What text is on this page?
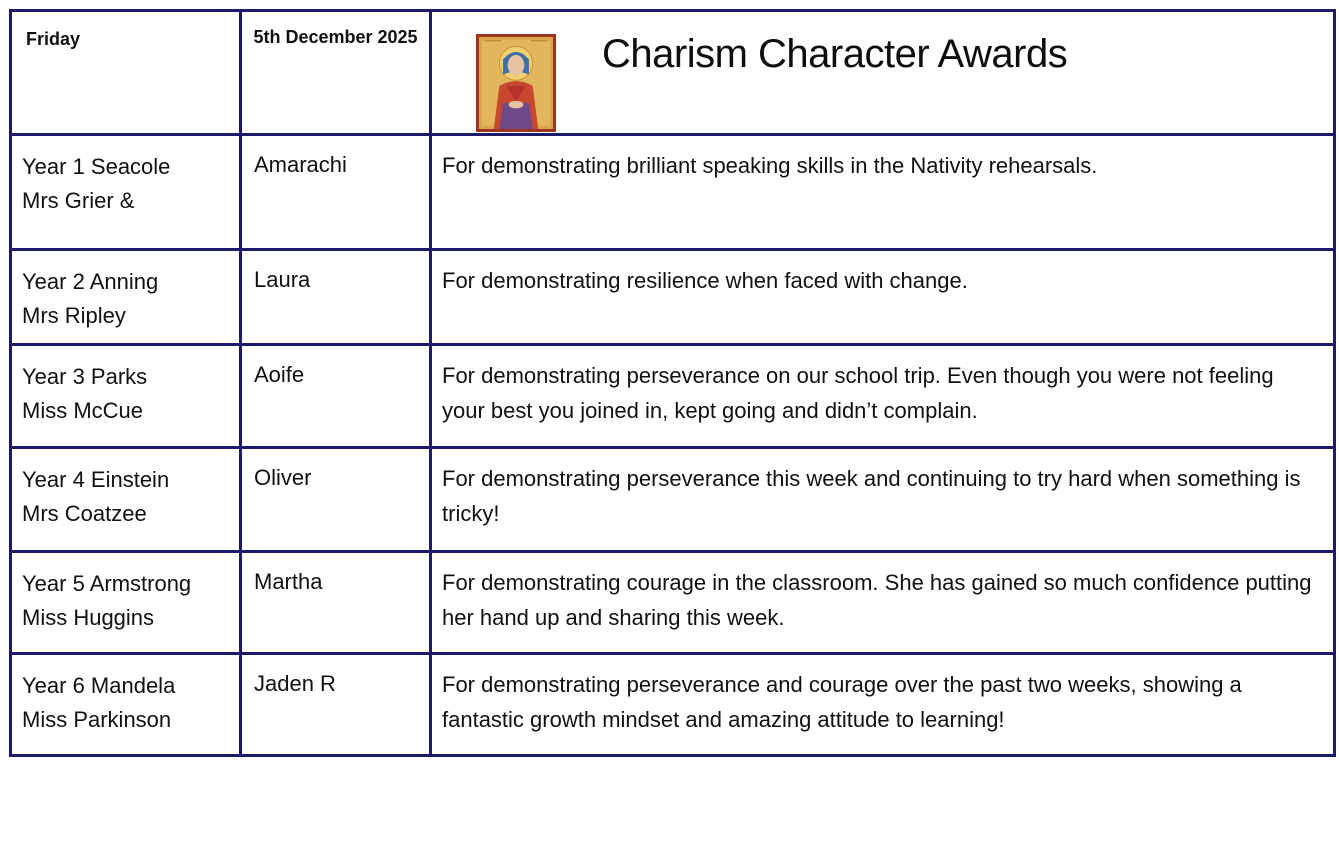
Friday	5th December 2025	Charism Character Awards

Year 1 Seacole
Mrs Grier &	Amarachi	For demonstrating brilliant speaking skills in the Nativity rehearsals.

Year 2 Anning
Mrs Ripley	Laura	For demonstrating resilience when faced with change.

Year 3 Parks
Miss McCue	Aoife	For demonstrating perseverance on our school trip. Even though you were not feeling your best you joined in, kept going and didn’t complain.

Year 4 Einstein
Mrs Coatzee	Oliver	For demonstrating perseverance this week and continuing to try hard when something is tricky!

Year 5 Armstrong
Miss Huggins	Martha	For demonstrating courage in the classroom. She has gained so much confidence putting her hand up and sharing this week.

Year 6 Mandela
Miss Parkinson	Jaden R	For demonstrating perseverance and courage over the past two weeks, showing a fantastic growth mindset and amazing attitude to learning!
